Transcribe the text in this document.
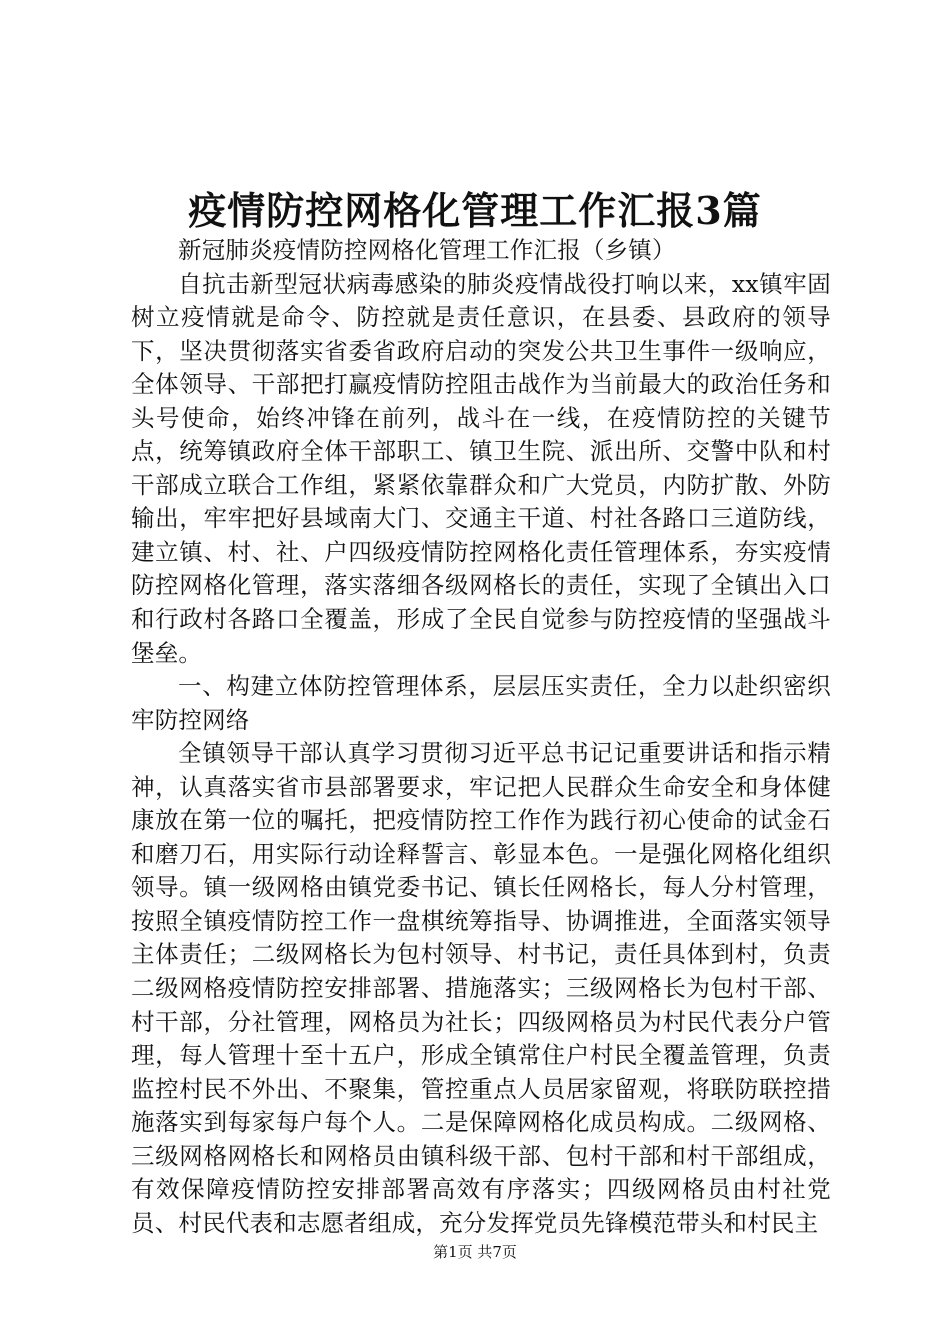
疫情防控网格化管理工作汇报3篇

新冠肺炎疫情防控网格化管理工作汇报（乡镇）

自抗击新型冠状病毒感染的肺炎疫情战役打响以来，xx镇牢固树立疫情就是命令、防控就是责任意识，在县委、县政府的领导下，坚决贯彻落实省委省政府启动的突发公共卫生事件一级响应，全体领导、干部把打赢疫情防控阻击战作为当前最大的政治任务和头号使命，始终冲锋在前列，战斗在一线，在疫情防控的关键节点，统筹镇政府全体干部职工、镇卫生院、派出所、交警中队和村干部成立联合工作组，紧紧依靠群众和广大党员，内防扩散、外防输出，牢牢把好县域南大门、交通主干道、村社各路口三道防线，建立镇、村、社、户四级疫情防控网格化责任管理体系，夯实疫情防控网格化管理，落实落细各级网格长的责任，实现了全镇出入口和行政村各路口全覆盖，形成了全民自觉参与防控疫情的坚强战斗堡垒。

一、构建立体防控管理体系，层层压实责任，全力以赴织密织牢防控网络

全镇领导干部认真学习贯彻习近平总书记记重要讲话和指示精神，认真落实省市县部署要求，牢记把人民群众生命安全和身体健康放在第一位的嘱托，把疫情防控工作作为践行初心使命的试金石和磨刀石，用实际行动诠释誓言、彰显本色。一是强化网格化组织领导。镇一级网格由镇党委书记、镇长任网格长，每人分村管理，按照全镇疫情防控工作一盘棋统筹指导、协调推进，全面落实领导主体责任；二级网格长为包村领导、村书记，责任具体到村，负责二级网格疫情防控安排部署、措施落实；三级网格长为包村干部、村干部，分社管理，网格员为社长；四级网格员为村民代表分户管理，每人管理十至十五户，形成全镇常住户村民全覆盖管理，负责监控村民不外出、不聚集，管控重点人员居家留观，将联防联控措施落实到每家每户每个人。二是保障网格化成员构成。二级网格、三级网格网格长和网格员由镇科级干部、包村干部和村干部组成，有效保障疫情防控安排部署高效有序落实；四级网格员由村社党员、村民代表和志愿者组成，充分发挥党员先锋模范带头和村民主

第1页 共7页
